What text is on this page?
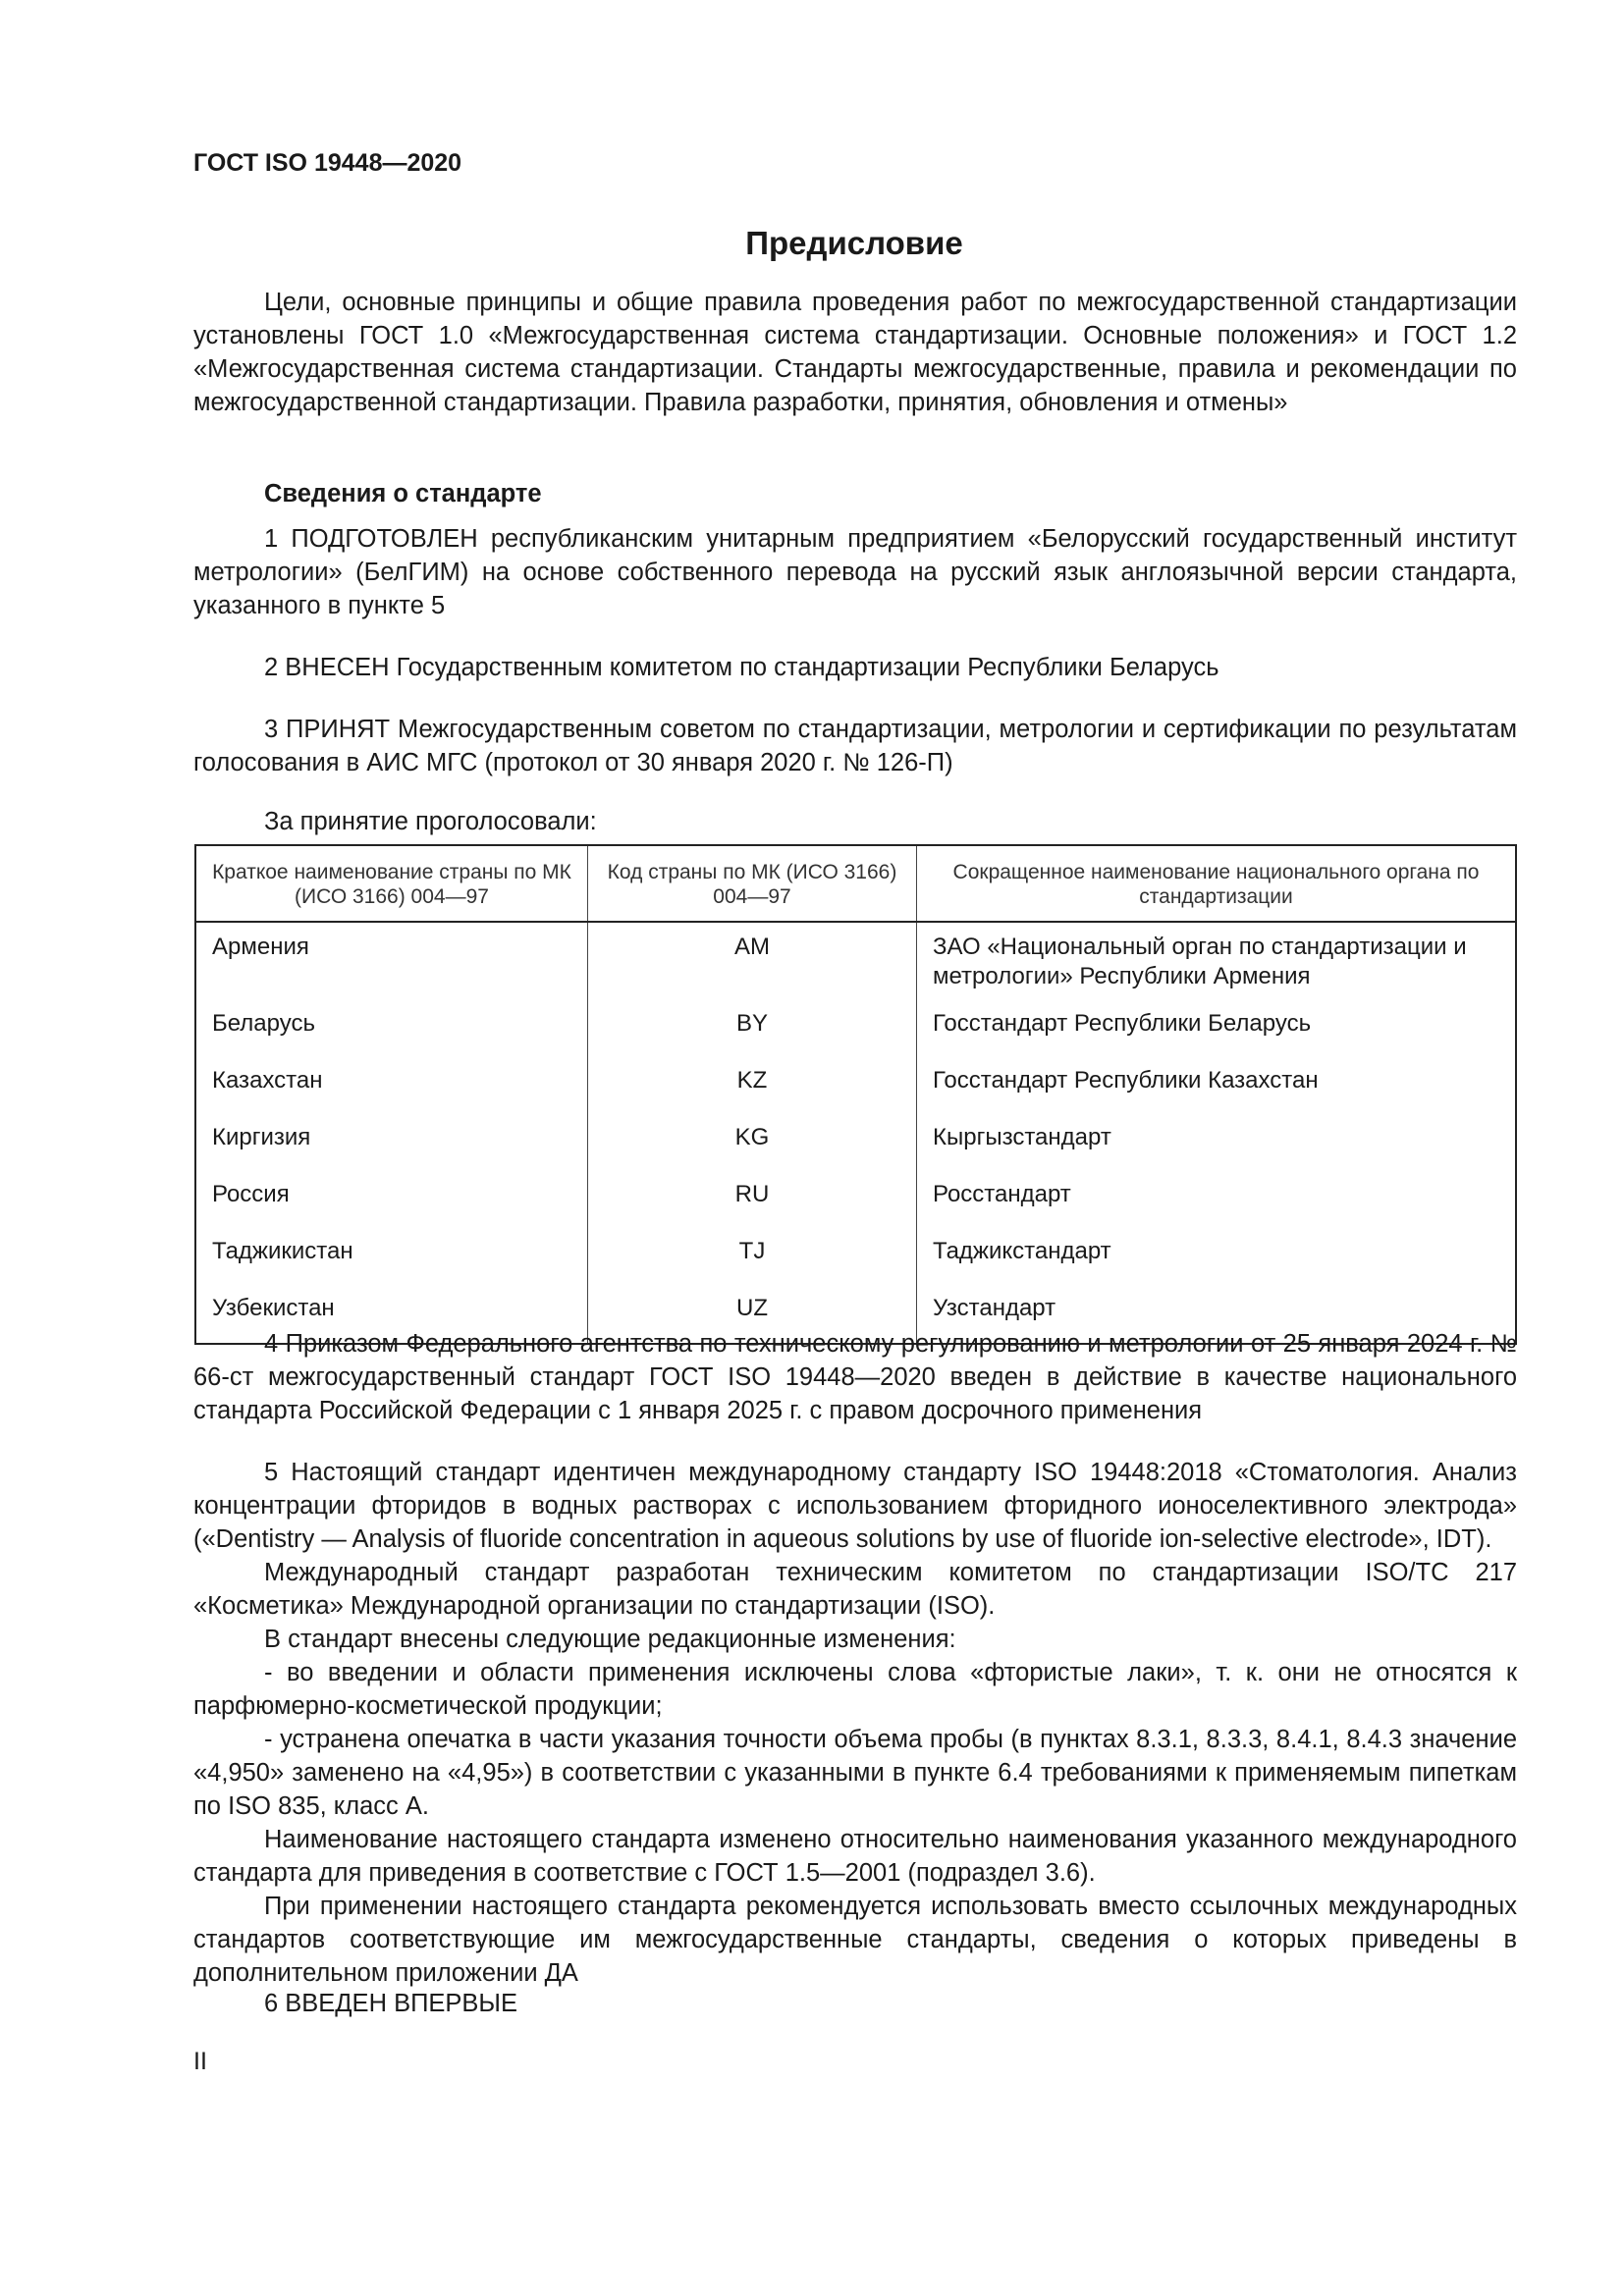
ГОСТ ISO 19448—2020
Предисловие

Цели, основные принципы и общие правила проведения работ по межгосударственной стандартизации установлены ГОСТ 1.0 «Межгосударственная система стандартизации. Основные положения» и ГОСТ 1.2 «Межгосударственная система стандартизации. Стандарты межгосударственные, правила и рекомендации по межгосударственной стандартизации. Правила разработки, принятия, обновления и отмены»

Сведения о стандарте

1 ПОДГОТОВЛЕН республиканским унитарным предприятием «Белорусский государственный институт метрологии» (БелГИМ) на основе собственного перевода на русский язык англоязычной версии стандарта, указанного в пункте 5

2 ВНЕСЕН Государственным комитетом по стандартизации Республики Беларусь

3 ПРИНЯТ Межгосударственным советом по стандартизации, метрологии и сертификации по результатам голосования в АИС МГС (протокол от 30 января 2020 г. № 126-П)

За принятие проголосовали:

Краткое наименование страны по МК (ИСО 3166) 004—97	Код страны по МК (ИСО 3166) 004—97	Сокращенное наименование национального органа по стандартизации
Армения	AM	ЗАО «Национальный орган по стандартизации и метрологии» Республики Армения
Беларусь	BY	Госстандарт Республики Беларусь
Казахстан	KZ	Госстандарт Республики Казахстан
Киргизия	KG	Кыргызстандарт
Россия	RU	Росстандарт
Таджикистан	TJ	Таджикстандарт
Узбекистан	UZ	Узстандарт

4 Приказом Федерального агентства по техническому регулированию и метрологии от 25 января 2024 г. № 66-ст межгосударственный стандарт ГОСТ ISO 19448—2020 введен в действие в качестве национального стандарта Российской Федерации с 1 января 2025 г. с правом досрочного применения

5 Настоящий стандарт идентичен международному стандарту ISO 19448:2018 «Стоматология. Анализ концентрации фторидов в водных растворах с использованием фторидного ионоселективного электрода» («Dentistry — Analysis of fluoride concentration in aqueous solutions by use of fluoride ion-selective electrode», IDT).

Международный стандарт разработан техническим комитетом по стандартизации ISO/TC 217 «Косметика» Международной организации по стандартизации (ISO).

В стандарт внесены следующие редакционные изменения:

- во введении и области применения исключены слова «фтористые лаки», т. к. они не относятся к парфюмерно-косметической продукции;

- устранена опечатка в части указания точности объема пробы (в пунктах 8.3.1, 8.3.3, 8.4.1, 8.4.3 значение «4,950» заменено на «4,95») в соответствии с указанными в пункте 6.4 требованиями к применяемым пипеткам по ISO 835, класс А.

Наименование настоящего стандарта изменено относительно наименования указанного международного стандарта для приведения в соответствие с ГОСТ 1.5—2001 (подраздел 3.6).

При применении настоящего стандарта рекомендуется использовать вместо ссылочных международных стандартов соответствующие им межгосударственные стандарты, сведения о которых приведены в дополнительном приложении ДА

6 ВВЕДЕН ВПЕРВЫЕ

II
